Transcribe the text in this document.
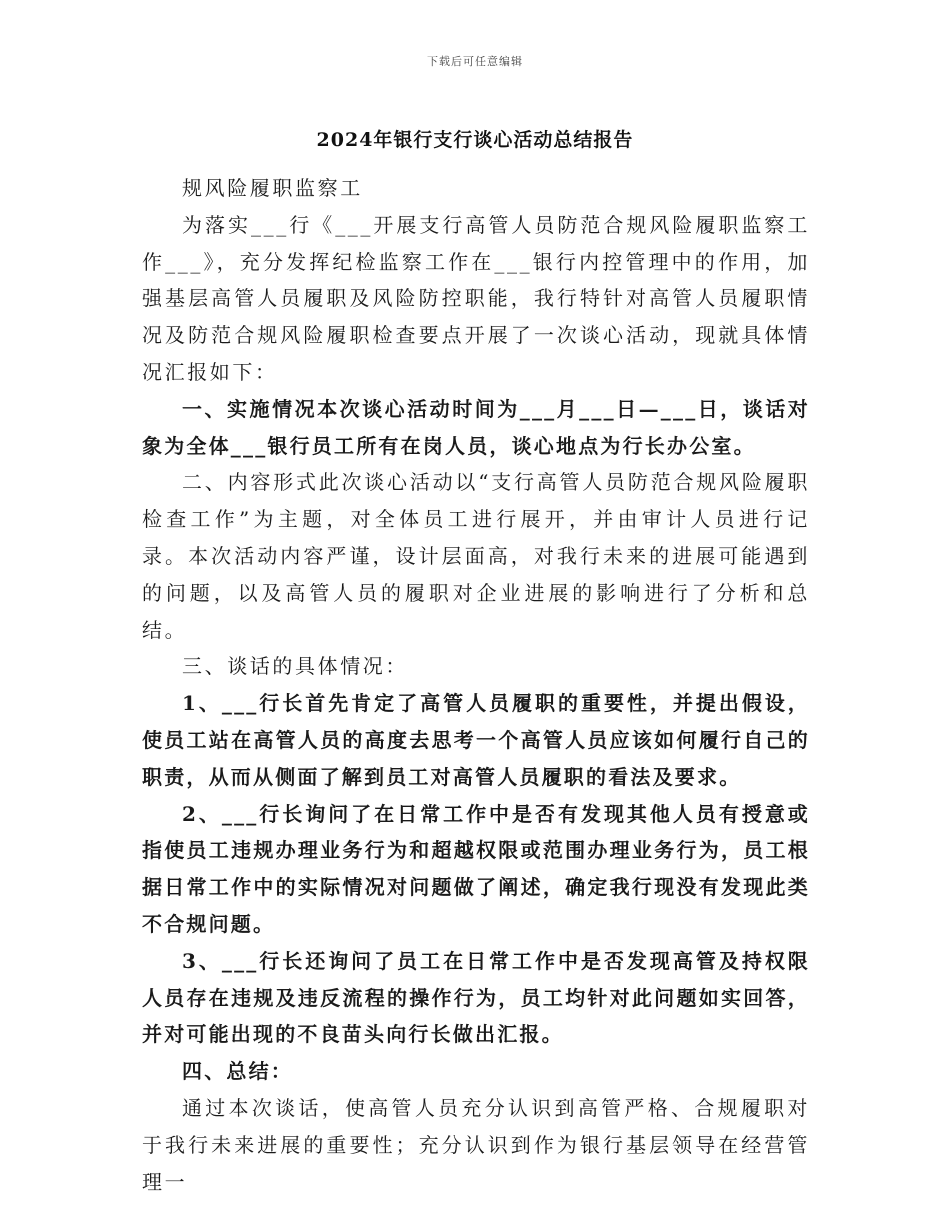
下载后可任意编辑
2024年银行支行谈心活动总结报告

规风险履职监察工

为落实___行《___开展支行高管人员防范合规风险履职监察工作___》，充分发挥纪检监察工作在___银行内控管理中的作用，加强基层高管人员履职及风险防控职能，我行特针对高管人员履职情况及防范合规风险履职检查要点开展了一次谈心活动，现就具体情况汇报如下：

一、实施情况本次谈心活动时间为___月___日—___日，谈话对象为全体___银行员工所有在岗人员，谈心地点为行长办公室。

二、内容形式此次谈心活动以“支行高管人员防范合规风险履职检查工作”为主题，对全体员工进行展开，并由审计人员进行记录。本次活动内容严谨，设计层面高，对我行未来的进展可能遇到的问题，以及高管人员的履职对企业进展的影响进行了分析和总结。

三、谈话的具体情况：

1、___行长首先肯定了高管人员履职的重要性，并提出假设，使员工站在高管人员的高度去思考一个高管人员应该如何履行自己的职责，从而从侧面了解到员工对高管人员履职的看法及要求。

2、___行长询问了在日常工作中是否有发现其他人员有授意或指使员工违规办理业务行为和超越权限或范围办理业务行为，员工根据日常工作中的实际情况对问题做了阐述，确定我行现没有发现此类不合规问题。

3、___行长还询问了员工在日常工作中是否发现高管及持权限人员存在违规及违反流程的操作行为，员工均针对此问题如实回答，并对可能出现的不良苗头向行长做出汇报。

四、总结：

通过本次谈话，使高管人员充分认识到高管严格、合规履职对于我行未来进展的重要性；充分认识到作为银行基层领导在经营管理一
